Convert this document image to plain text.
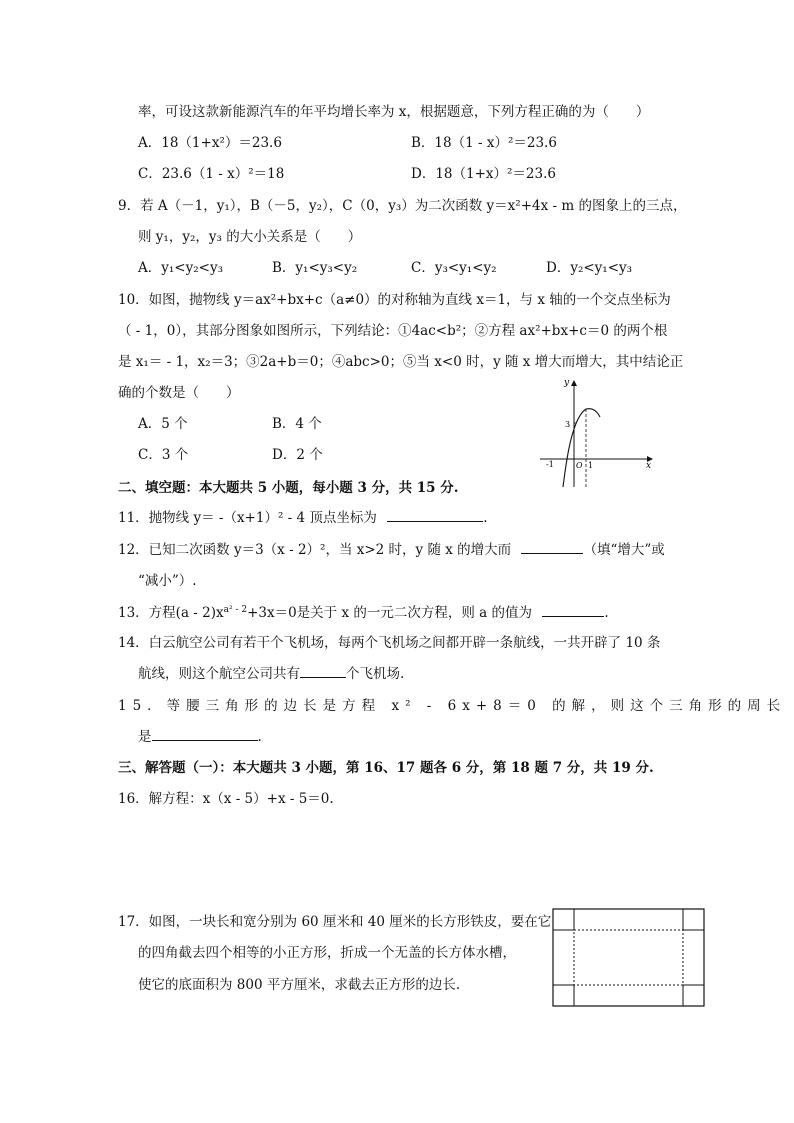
率，可设这款新能源汽车的年平均增长率为 x，根据题意，下列方程正确的为（　　）
A．18（1+x²）＝23.6	B．18（1 - x）²＝23.6
C．23.6（1 - x）²＝18	D．18（1+x）²＝23.6
9．若 A（－1，y₁），B（－5，y₂），C（0，y₃）为二次函数 y＝x²+4x - m 的图象上的三点，
则 y₁，y₂，y₃ 的大小关系是（　　）
A．y₁<y₂<y₃	B．y₁<y₃<y₂	C．y₃<y₁<y₂	D．y₂<y₁<y₃
10．如图，抛物线 y＝ax²+bx+c（a≠0）的对称轴为直线 x＝1，与 x 轴的一个交点坐标为
（ - 1，0），其部分图象如图所示，下列结论：①4ac<b²；②方程 ax²+bx+c＝0 的两个根
是 x₁＝ - 1，x₂＝3；③2a+b＝0；④abc>0；⑤当 x<0 时，y 随 x 增大而增大，其中结论正
确的个数是（　　）
A．5 个	B．4 个
C．3 个	D．2 个
y
x
3
-1	O 1
二、填空题：本大题共 5 小题，每小题 3 分，共 15 分.
11．抛物线 y＝ -（x+1）² - 4 顶点坐标为	.
12．已知二次函数 y＝3（x - 2）²，当 x>2 时，y 随 x 的增大而	（填“增大”或
“减小”）.
13．方程$(a - 2)x^{a^2 - 2}+3x=0$是关于 x 的一元二次方程，则 a 的值为	.
14．白云航空公司有若干个飞机场，每两个飞机场之间都开辟一条航线，一共开辟了 10 条
航线，则这个航空公司共有	个飞机场.
15．等腰三角形的边长是方程 x² - 6x+8＝0 的解，则这个三角形的周长
是	.
三、解答题（一）：本大题共 3 小题，第 16、17 题各 6 分，第 18 题 7 分，共 19 分.
16．解方程：x（x - 5）+x - 5＝0.
17．如图，一块长和宽分别为 60 厘米和 40 厘米的长方形铁皮，要在它
的四角截去四个相等的小正方形，折成一个无盖的长方体水槽，
使它的底面积为 800 平方厘米，求截去正方形的边长.
